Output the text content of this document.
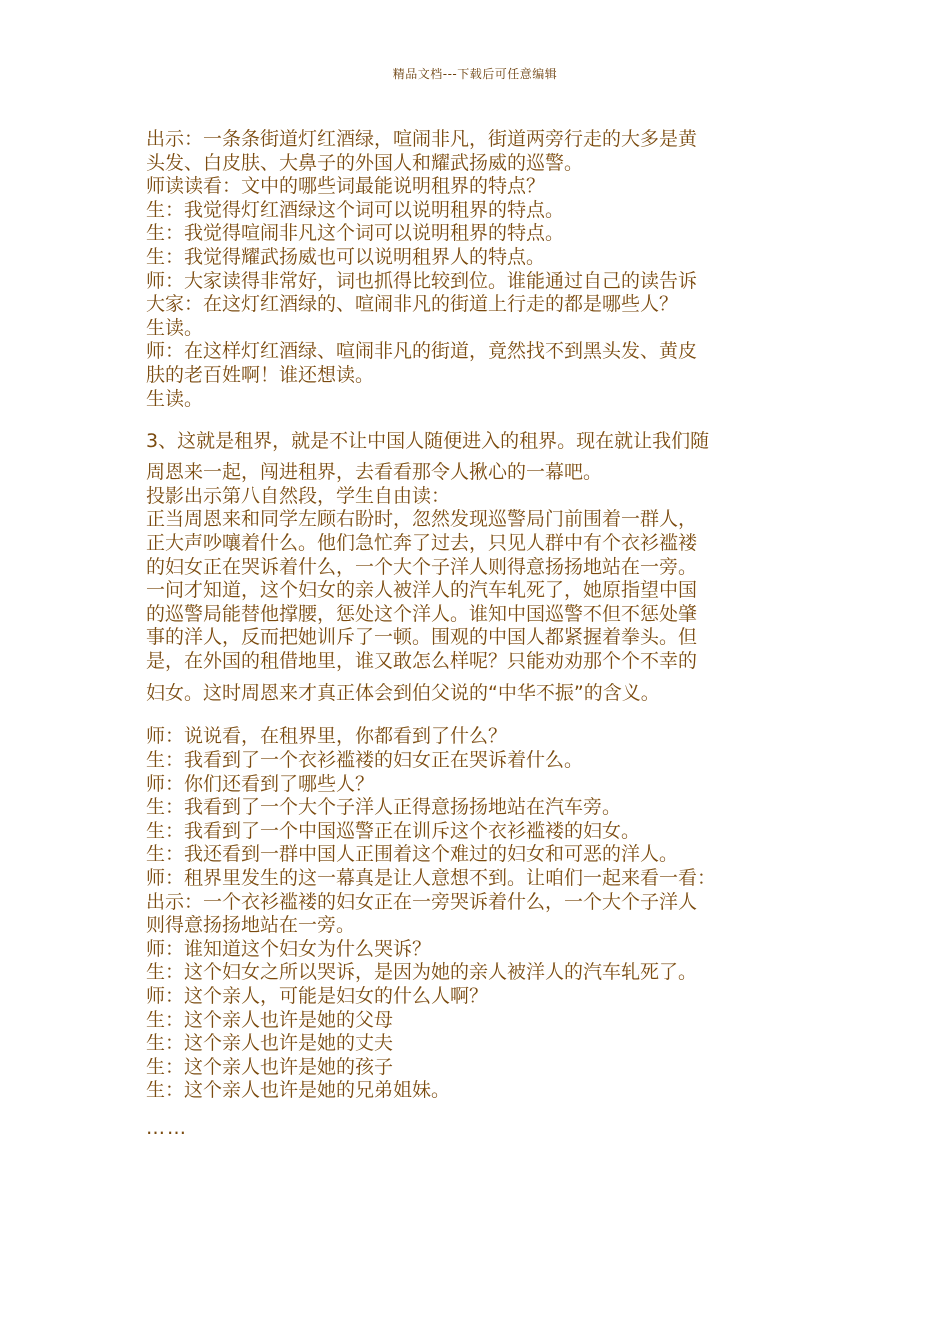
精品文档---下载后可任意编辑

出示：一条条街道灯红酒绿，喧闹非凡，街道两旁行走的大多是黄

头发、白皮肤、大鼻子的外国人和耀武扬威的巡警。

师读读看：文中的哪些词最能说明租界的特点？

生：我觉得灯红酒绿这个词可以说明租界的特点。

生：我觉得喧闹非凡这个词可以说明租界的特点。

生：我觉得耀武扬威也可以说明租界人的特点。

师：大家读得非常好，词也抓得比较到位。谁能通过自己的读告诉

大家：在这灯红酒绿的、喧闹非凡的街道上行走的都是哪些人？

生读。

师：在这样灯红酒绿、喧闹非凡的街道，竟然找不到黑头发、黄皮

肤的老百姓啊！谁还想读。

生读。

3、这就是租界，就是不让中国人随便进入的租界。现在就让我们随

周恩来一起，闯进租界，去看看那令人揪心的一幕吧。

投影出示第八自然段，学生自由读：

正当周恩来和同学左顾右盼时，忽然发现巡警局门前围着一群人，

正大声吵嚷着什么。他们急忙奔了过去，只见人群中有个衣衫褴褛

的妇女正在哭诉着什么，一个大个子洋人则得意扬扬地站在一旁。

一问才知道，这个妇女的亲人被洋人的汽车轧死了，她原指望中国

的巡警局能替他撑腰，惩处这个洋人。谁知中国巡警不但不惩处肇

事的洋人，反而把她训斥了一顿。围观的中国人都紧握着拳头。但

是，在外国的租借地里，谁又敢怎么样呢？只能劝劝那个个不幸的

妇女。这时周恩来才真正体会到伯父说的“中华不振”的含义。

师：说说看，在租界里，你都看到了什么？

生：我看到了一个衣衫褴褛的妇女正在哭诉着什么。

师：你们还看到了哪些人？

生：我看到了一个大个子洋人正得意扬扬地站在汽车旁。

生：我看到了一个中国巡警正在训斥这个衣衫褴褛的妇女。

生：我还看到一群中国人正围着这个难过的妇女和可恶的洋人。

师：租界里发生的这一幕真是让人意想不到。让咱们一起来看一看：

出示：一个衣衫褴褛的妇女正在一旁哭诉着什么，一个大个子洋人

则得意扬扬地站在一旁。

师：谁知道这个妇女为什么哭诉？

生：这个妇女之所以哭诉，是因为她的亲人被洋人的汽车轧死了。

师：这个亲人，可能是妇女的什么人啊？

生：这个亲人也许是她的父母

生：这个亲人也许是她的丈夫

生：这个亲人也许是她的孩子

生：这个亲人也许是她的兄弟姐妹。

……
